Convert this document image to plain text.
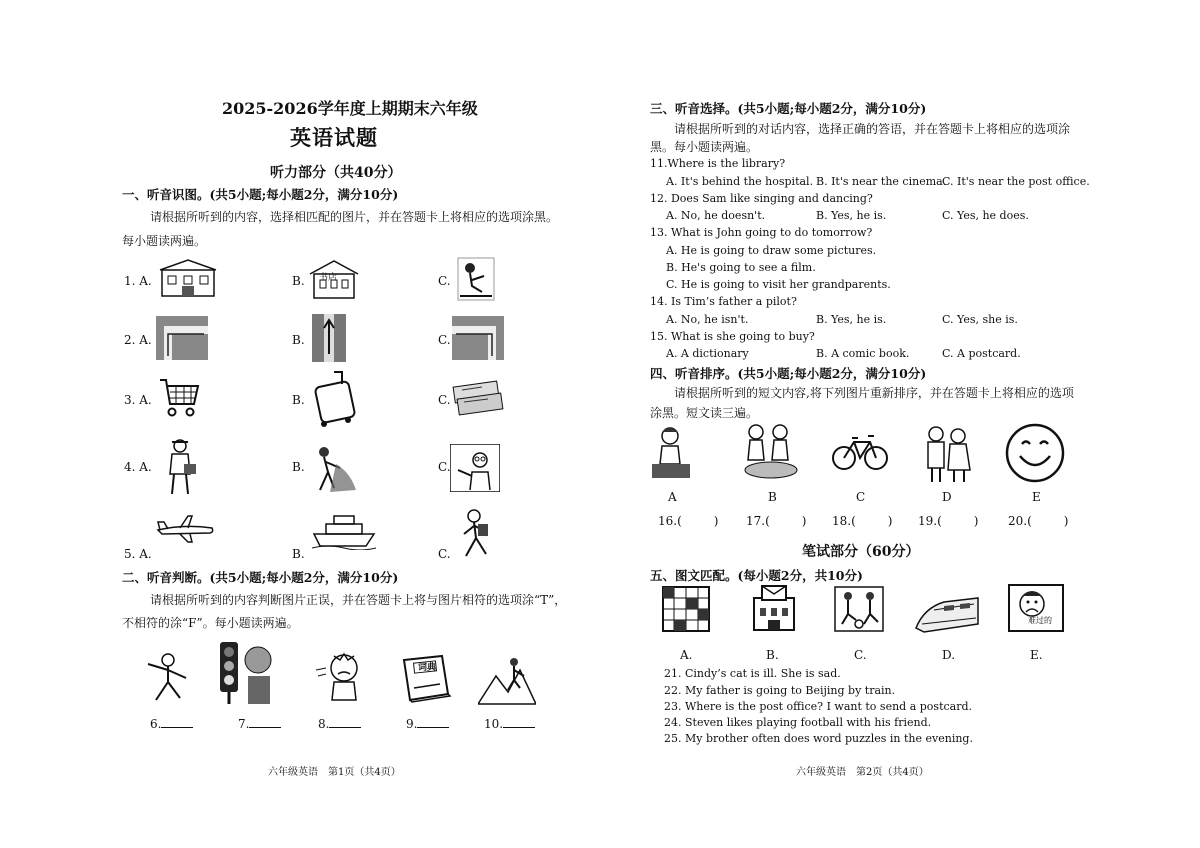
2025-2026学年度上期期末六年级
英语试题
听力部分（共40分）
一、听音识图。(共5小题;每小题2分，满分10分)
请根据所听到的内容，选择相匹配的图片，并在答题卡上将相应的选项涂黑。
每小题读两遍。
1. A.	B. 书店	C.
2. A.	B.	C.
3. A.	B.	C.
4. A.	B.	C.
5. A.	B.	C.
二、听音判断。(共5小题;每小题2分，满分10分)
请根据所听到的内容判断图片正误，并在答题卡上将与图片相符的选项涂“T”，
不相符的涂“F”。每小题读两遍。
词典
6.	7.	8.	9.	10.
六年级英语　第1页（共4页）
三、听音选择。(共5小题;每小题2分，满分10分)
请根据所听到的对话内容，选择正确的答语，并在答题卡上将相应的选项涂
黑。每小题读两遍。
11.Where is the library?
A. It's behind the hospital. B. It's near the cinema.
C. It's near the post office.
12. Does Sam like singing and dancing?
A. No, he doesn't.	B. Yes, he is.	C. Yes, he does.
13. What is John going to do tomorrow?
A. He is going to draw some pictures.
B. He's going to see a film.
C. He is going to visit her grandparents.
14. Is Tim’s father a pilot?
A. No, he isn't.	B. Yes, he is.	C. Yes, she is.
15. What is she going to buy?
A. A dictionary	B. A comic book.	C. A postcard.
四、听音排序。(共5小题;每小题2分，满分10分)
请根据所听到的短文内容,将下列图片重新排序，并在答题卡上将相应的选项
涂黑。短文读三遍。
A	B	C	D	E
16.(	) 17.(	) 18.(	) 19.(	) 20.(	)
笔试部分（60分）
五、图文匹配。(每小题2分，共10分)
难过的
A.	B.	C.	D.	E.
21. Cindy’s cat is ill. She is sad.
22. My father is going to Beijing by train.
23. Where is the post office? I want to send a postcard.
24. Steven likes playing football with his friend.
25. My brother often does word puzzles in the evening.
六年级英语　第2页（共4页）
